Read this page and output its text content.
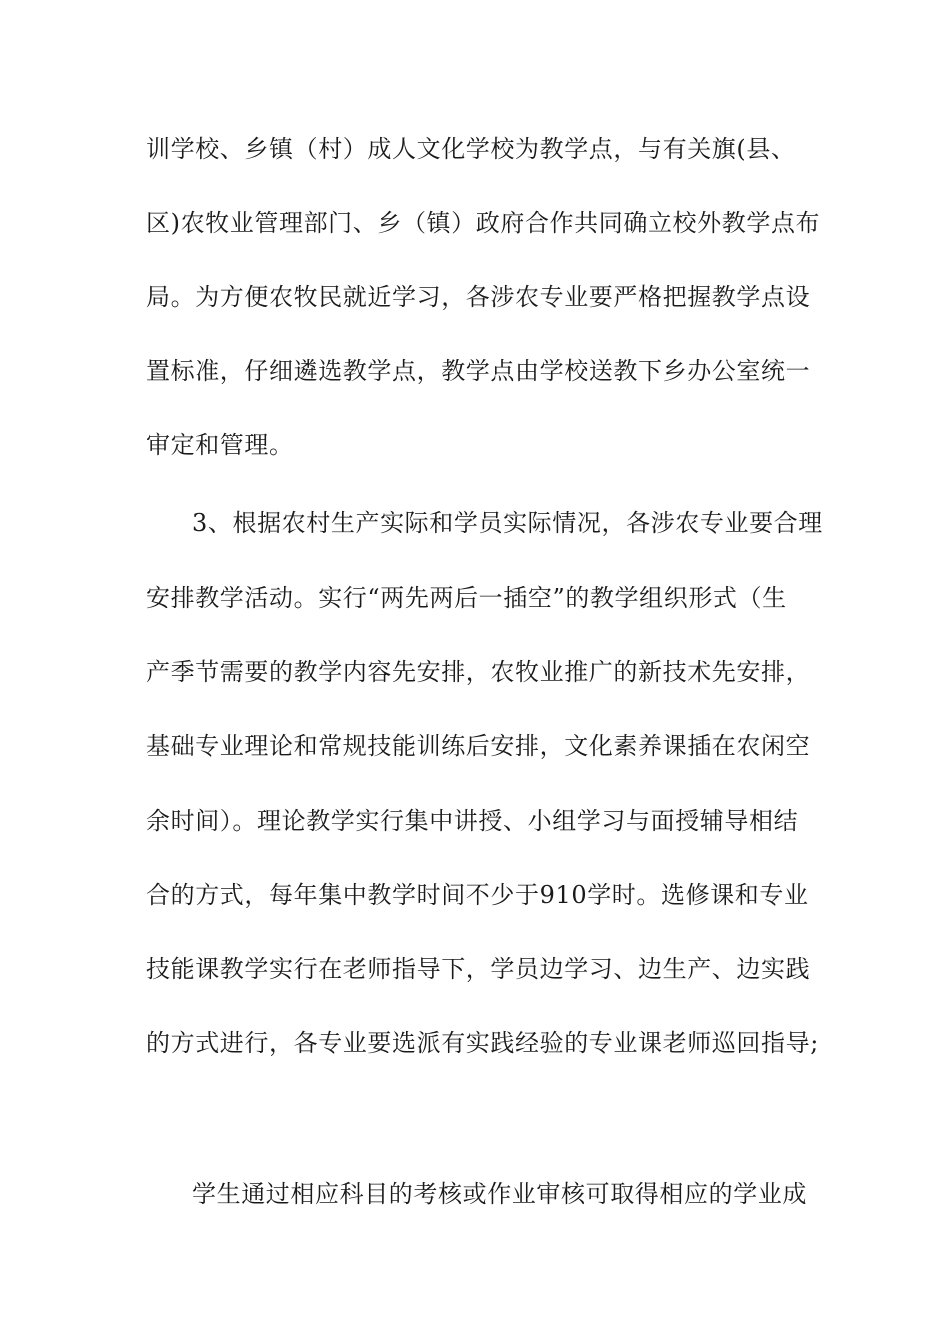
训学校、乡镇（村）成人文化学校为教学点，与有关旗(县、
区)农牧业管理部门、乡（镇）政府合作共同确立校外教学点布
局。为方便农牧民就近学习，各涉农专业要严格把握教学点设
置标准，仔细遴选教学点，教学点由学校送教下乡办公室统一
审定和管理。
3、根据农村生产实际和学员实际情况，各涉农专业要合理
安排教学活动。实行“两先两后一插空”的教学组织形式（生
产季节需要的教学内容先安排，农牧业推广的新技术先安排，
基础专业理论和常规技能训练后安排，文化素养课插在农闲空
余时间）。理论教学实行集中讲授、小组学习与面授辅导相结
合的方式，每年集中教学时间不少于910学时。选修课和专业
技能课教学实行在老师指导下，学员边学习、边生产、边实践
的方式进行，各专业要选派有实践经验的专业课老师巡回指导;
学生通过相应科目的考核或作业审核可取得相应的学业成
